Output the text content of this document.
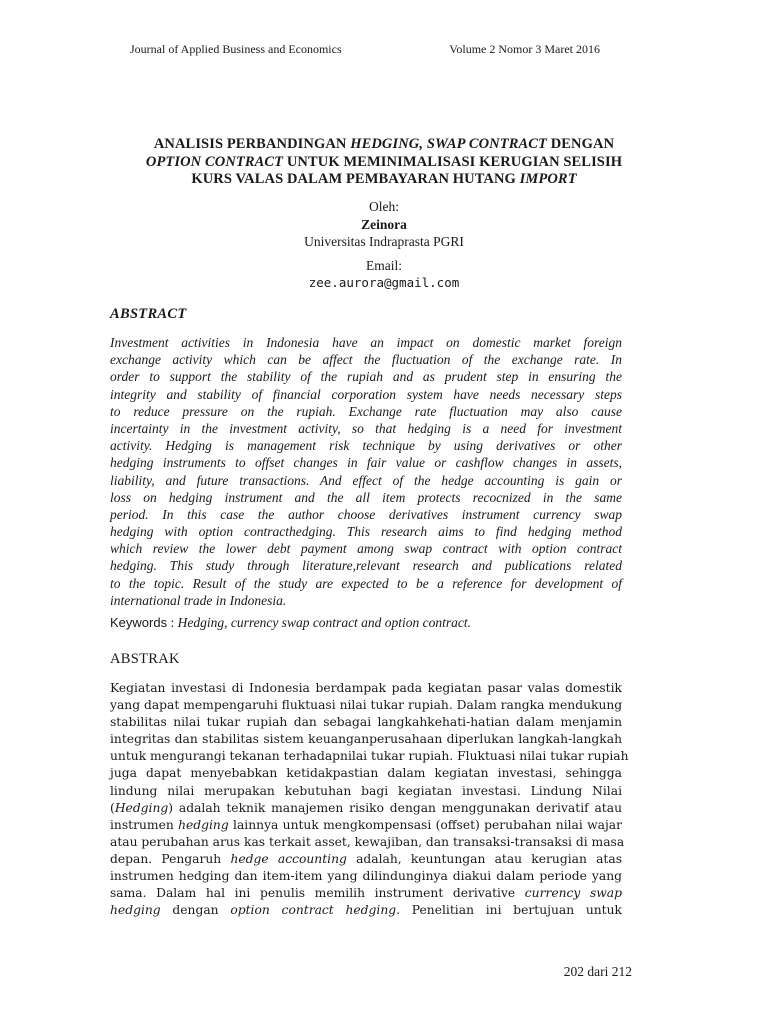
Journal of Applied Business and Economics	Volume 2 Nomor 3 Maret 2016
ANALISIS PERBANDINGAN HEDGING, SWAP CONTRACT DENGAN
OPTION CONTRACT UNTUK MEMINIMALISASI KERUGIAN SELISIH
KURS VALAS DALAM PEMBAYARAN HUTANG IMPORT
Oleh:
Zeinora
Universitas Indraprasta PGRI
Email:
zee.aurora@gmail.com
ABSTRACT
Investment activities in Indonesia have an impact on domestic market foreign
exchange activity which can be affect the fluctuation of the exchange rate. In
order to support the stability of the rupiah and as prudent step in ensuring the
integrity and stability of financial corporation system have needs necessary steps
to reduce pressure on the rupiah. Exchange rate fluctuation may also cause
incertainty in the investment activity, so that hedging is a need for investment
activity. Hedging is management risk technique by using derivatives or other
hedging instruments to offset changes in fair value or cashflow changes in assets,
liability, and future transactions. And effect of the hedge accounting is gain or
loss on hedging instrument and the all item protects recocnized in the same
period. In this case the author choose derivatives instrument currency swap
hedging with option contracthedging. This research aims to find hedging method
which review the lower debt payment among swap contract with option contract
hedging. This study through literature,relevant research and publications related
to the topic. Result of the study are expected to be a reference for development of
international trade in Indonesia.
Keywords : Hedging, currency swap contract and option contract.
ABSTRAK
Kegiatan investasi di Indonesia berdampak pada kegiatan pasar valas domestik
yang dapat mempengaruhi fluktuasi nilai tukar rupiah. Dalam rangka mendukung
stabilitas nilai tukar rupiah dan sebagai langkahkehati-hatian dalam menjamin
integritas dan stabilitas sistem keuanganperusahaan diperlukan langkah-langkah
untuk mengurangi tekanan terhadapnilai tukar rupiah. Fluktuasi nilai tukar rupiah
juga dapat menyebabkan ketidakpastian dalam kegiatan investasi, sehingga
lindung nilai merupakan kebutuhan bagi kegiatan investasi. Lindung Nilai
(Hedging) adalah teknik manajemen risiko dengan menggunakan derivatif atau
instrumen hedging lainnya untuk mengkompensasi (offset) perubahan nilai wajar
atau perubahan arus kas terkait asset, kewajiban, dan transaksi-transaksi di masa
depan. Pengaruh hedge accounting adalah, keuntungan atau kerugian atas
instrumen hedging dan item-item yang dilindunginya diakui dalam periode yang
sama. Dalam hal ini penulis memilih instrument derivative currency swap
hedging dengan option contract hedging. Penelitian ini bertujuan untuk
202 dari 212
